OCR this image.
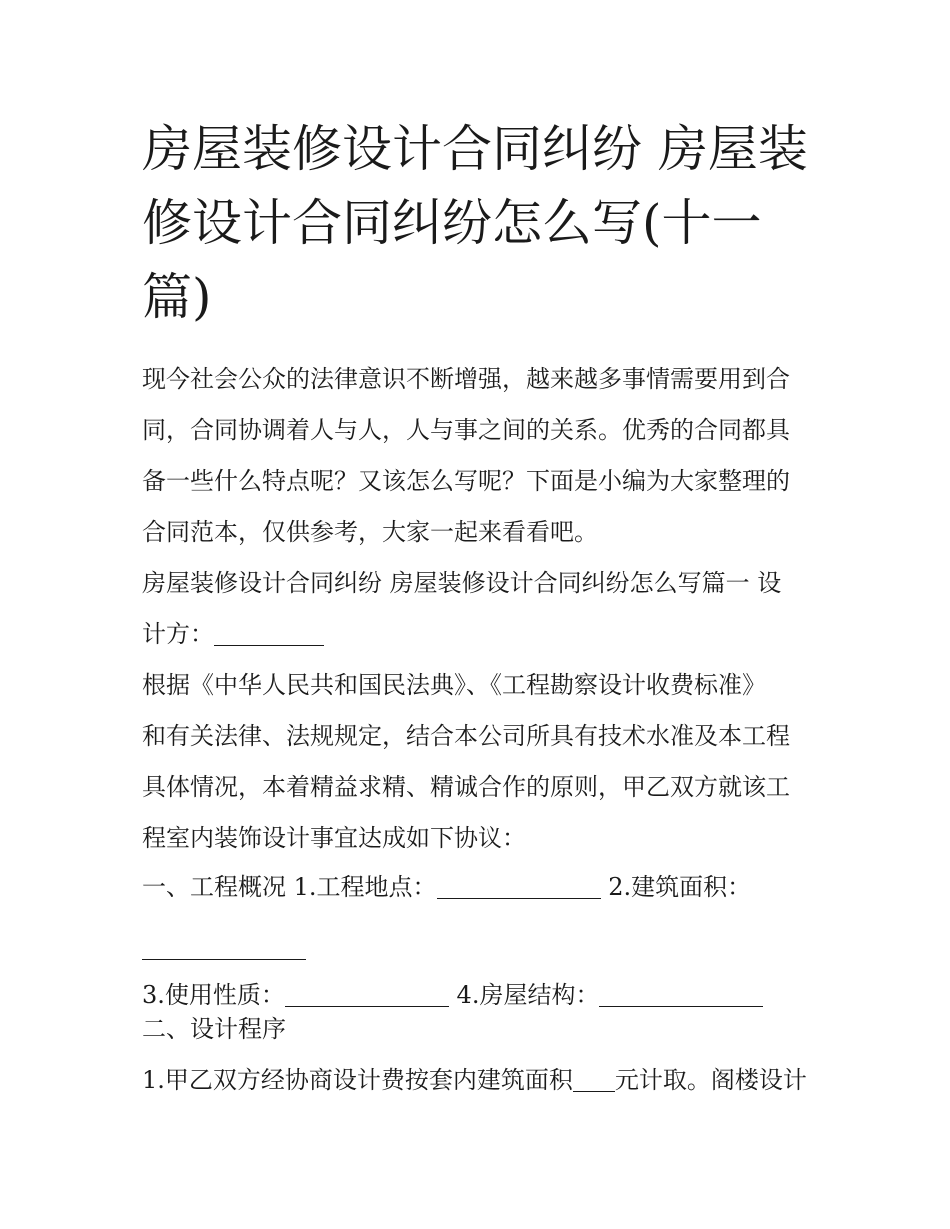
房屋装修设计合同纠纷 房屋装
修设计合同纠纷怎么写(十一
篇)
现今社会公众的法律意识不断增强，越来越多事情需要用到合
同，合同协调着人与人，人与事之间的关系。优秀的合同都具
备一些什么特点呢？又该怎么写呢？下面是小编为大家整理的
合同范本，仅供参考，大家一起来看看吧。
房屋装修设计合同纠纷 房屋装修设计合同纠纷怎么写篇一 设
计方：
根据《中华人民共和国民法典》、《工程勘察设计收费标准》
和有关法律、法规规定，结合本公司所具有技术水准及本工程
具体情况，本着精益求精、精诚合作的原则，甲乙双方就该工
程室内装饰设计事宜达成如下协议：
一、工程概况 1.工程地点：	2.建筑面积：
3.使用性质：	4.房屋结构：
二、设计程序
1.甲乙双方经协商设计费按套内建筑面积 元计取。阁楼设计
